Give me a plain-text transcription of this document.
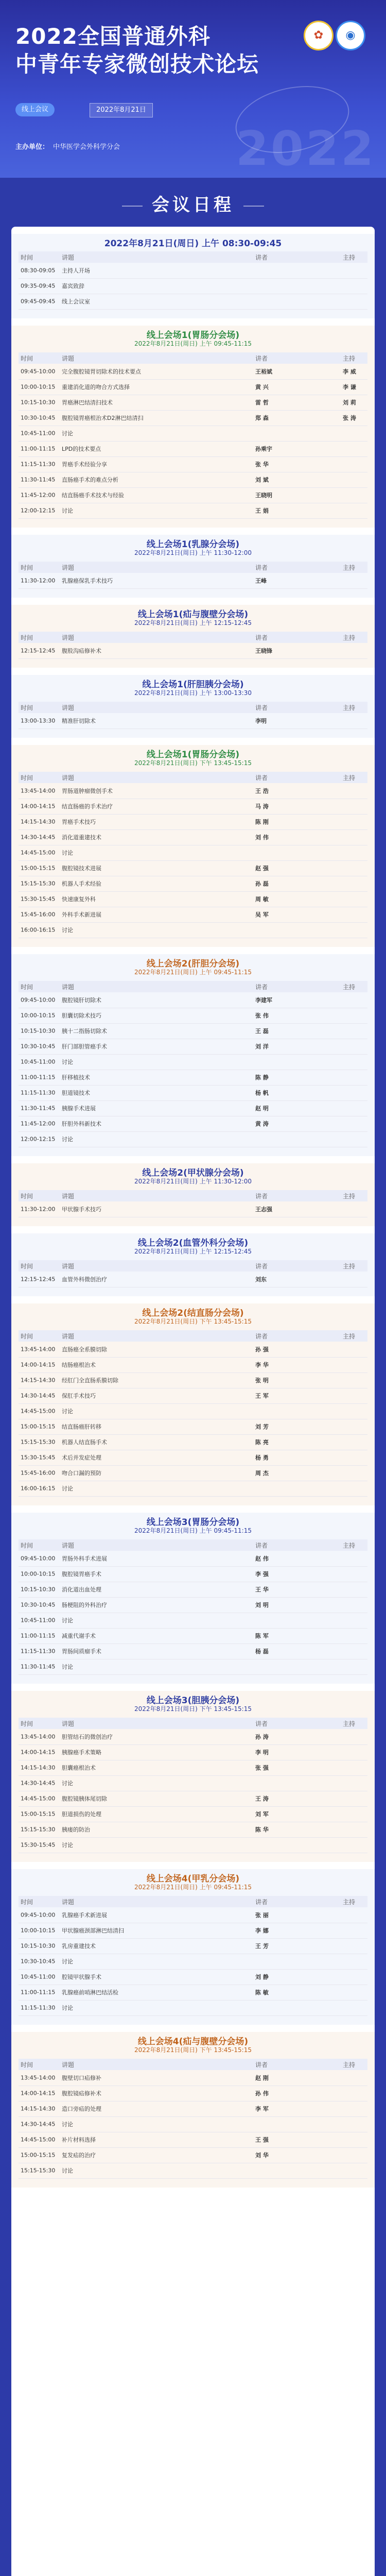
2022
2022全国普通外科
中青年专家微创技术论坛
✿	◉
线上会议	2022年8月21日
主办单位： 中华医学会外科学分会
会议日程
2022年8月21日(周日) 上午 08:30-09:45
时间	讲题	讲者	主持
08:30-09:05 主持人开场
09:35-09:45 嘉宾致辞
09:45-09:45 线上会议室
线上会场1(胃肠分会场)
2022年8月21日(周日) 上午 09:45-11:15
时间	讲题	讲者	主持
09:45-10:00 完全腹腔镜胃切除术的技术要点	王裕斌	李 威
10:00-10:15 重建消化道的吻合方式选择	黄 兴	李 谦
10:15-10:30 胃癌淋巴结清扫技术	雷 哲	刘 莉
10:30-10:45 腹腔镜胃癌根治术D2淋巴结清扫	郑 森	张 涛
10:45-11:00 讨论
11:00-11:15 LPD的技术要点	孙乘宇
11:15-11:30 胃癌手术经验分享	张 华
11:30-11:45 直肠癌手术的难点分析	刘 斌
11:45-12:00 结直肠癌手术技术与经验	王晓明
12:00-12:15 讨论	王 娟
线上会场1(乳腺分会场)
2022年8月21日(周日) 上午 11:30-12:00
时间	讲题	讲者	主持
11:30-12:00 乳腺癌保乳手术技巧	王峰
线上会场1(疝与腹壁分会场)
2022年8月21日(周日) 上午 12:15-12:45
时间	讲题	讲者	主持
12:15-12:45 腹股沟疝修补术	王晓锋
线上会场1(肝胆胰分会场)
2022年8月21日(周日) 上午 13:00-13:30
时间	讲题	讲者	主持
13:00-13:30 精准肝切除术	李明
线上会场1(胃肠分会场)
2022年8月21日(周日) 下午 13:45-15:15
时间	讲题	讲者	主持
13:45-14:00 胃肠道肿瘤微创手术	王 浩
14:00-14:15 结直肠癌的手术治疗	马 涛
14:15-14:30 胃癌手术技巧	陈 刚
14:30-14:45 消化道重建技术	刘 伟
14:45-15:00 讨论
15:00-15:15 腹腔镜技术进展	赵 强
15:15-15:30 机器人手术经验	孙 磊
15:30-15:45 快速康复外科	周 敏
15:45-16:00 外科手术新进展	吴 军
16:00-16:15 讨论
线上会场2(肝胆分会场)
2022年8月21日(周日) 上午 09:45-11:15
时间	讲题	讲者	主持
09:45-10:00 腹腔镜肝切除术	李建军
10:00-10:15 胆囊切除术技巧	张 伟
10:15-10:30 胰十二指肠切除术	王 磊
10:30-10:45 肝门部胆管癌手术	刘 洋
10:45-11:00 讨论
11:00-11:15 肝移植技术	陈 静
11:15-11:30 胆道镜技术	杨 帆
11:30-11:45 胰腺手术进展	赵 明
11:45-12:00 肝胆外科新技术	黄 涛
12:00-12:15 讨论
线上会场2(甲状腺分会场)
2022年8月21日(周日) 上午 11:30-12:00
时间	讲题	讲者	主持
11:30-12:00 甲状腺手术技巧	王志强
线上会场2(血管外科分会场)
2022年8月21日(周日) 上午 12:15-12:45
时间	讲题	讲者	主持
12:15-12:45 血管外科微创治疗	刘东
线上会场2(结直肠分会场)
2022年8月21日(周日) 下午 13:45-15:15
时间	讲题	讲者	主持
13:45-14:00 直肠癌全系膜切除	孙 强
14:00-14:15 结肠癌根治术	李 华
14:15-14:30 经肛门全直肠系膜切除	张 明
14:30-14:45 保肛手术技巧	王 军
14:45-15:00 讨论
15:00-15:15 结直肠癌肝转移	刘 芳
15:15-15:30 机器人结直肠手术	陈 亮
15:30-15:45 术后并发症处理	杨 勇
15:45-16:00 吻合口漏的预防	周 杰
16:00-16:15 讨论
线上会场3(胃肠分会场)
2022年8月21日(周日) 上午 09:45-11:15
时间	讲题	讲者	主持
09:45-10:00 胃肠外科手术进展	赵 伟
10:00-10:15 腹腔镜胃癌手术	李 强
10:15-10:30 消化道出血处理	王 华
10:30-10:45 肠梗阻的外科治疗	刘 明
10:45-11:00 讨论
11:00-11:15 减重代谢手术	陈 军
11:15-11:30 胃肠间质瘤手术	杨 磊
11:30-11:45 讨论
线上会场3(胆胰分会场)
2022年8月21日(周日) 下午 13:45-15:15
时间	讲题	讲者	主持
13:45-14:00 胆管结石的微创治疗	孙 涛
14:00-14:15 胰腺癌手术策略	李 明
14:15-14:30 胆囊癌根治术	张 强
14:30-14:45 讨论
14:45-15:00 腹腔镜胰体尾切除	王 涛
15:00-15:15 胆道损伤的处理	刘 军
15:15-15:30 胰瘘的防治	陈 华
15:30-15:45 讨论
线上会场4(甲乳分会场)
2022年8月21日(周日) 上午 09:45-11:15
时间	讲题	讲者	主持
09:45-10:00 乳腺癌手术新进展	张 丽
10:00-10:15 甲状腺癌颈部淋巴结清扫	李 娜
10:15-10:30 乳房重建技术	王 芳
10:30-10:45 讨论
10:45-11:00 腔镜甲状腺手术	刘 静
11:00-11:15 乳腺癌前哨淋巴结活检	陈 敏
11:15-11:30 讨论
线上会场4(疝与腹壁分会场)
2022年8月21日(周日) 下午 13:45-15:15
时间	讲题	讲者	主持
13:45-14:00 腹壁切口疝修补	赵 刚
14:00-14:15 腹腔镜疝修补术	孙 伟
14:15-14:30 造口旁疝的处理	李 军
14:30-14:45 讨论
14:45-15:00 补片材料选择	王 强
15:00-15:15 复发疝的治疗	刘 华
15:15-15:30 讨论
